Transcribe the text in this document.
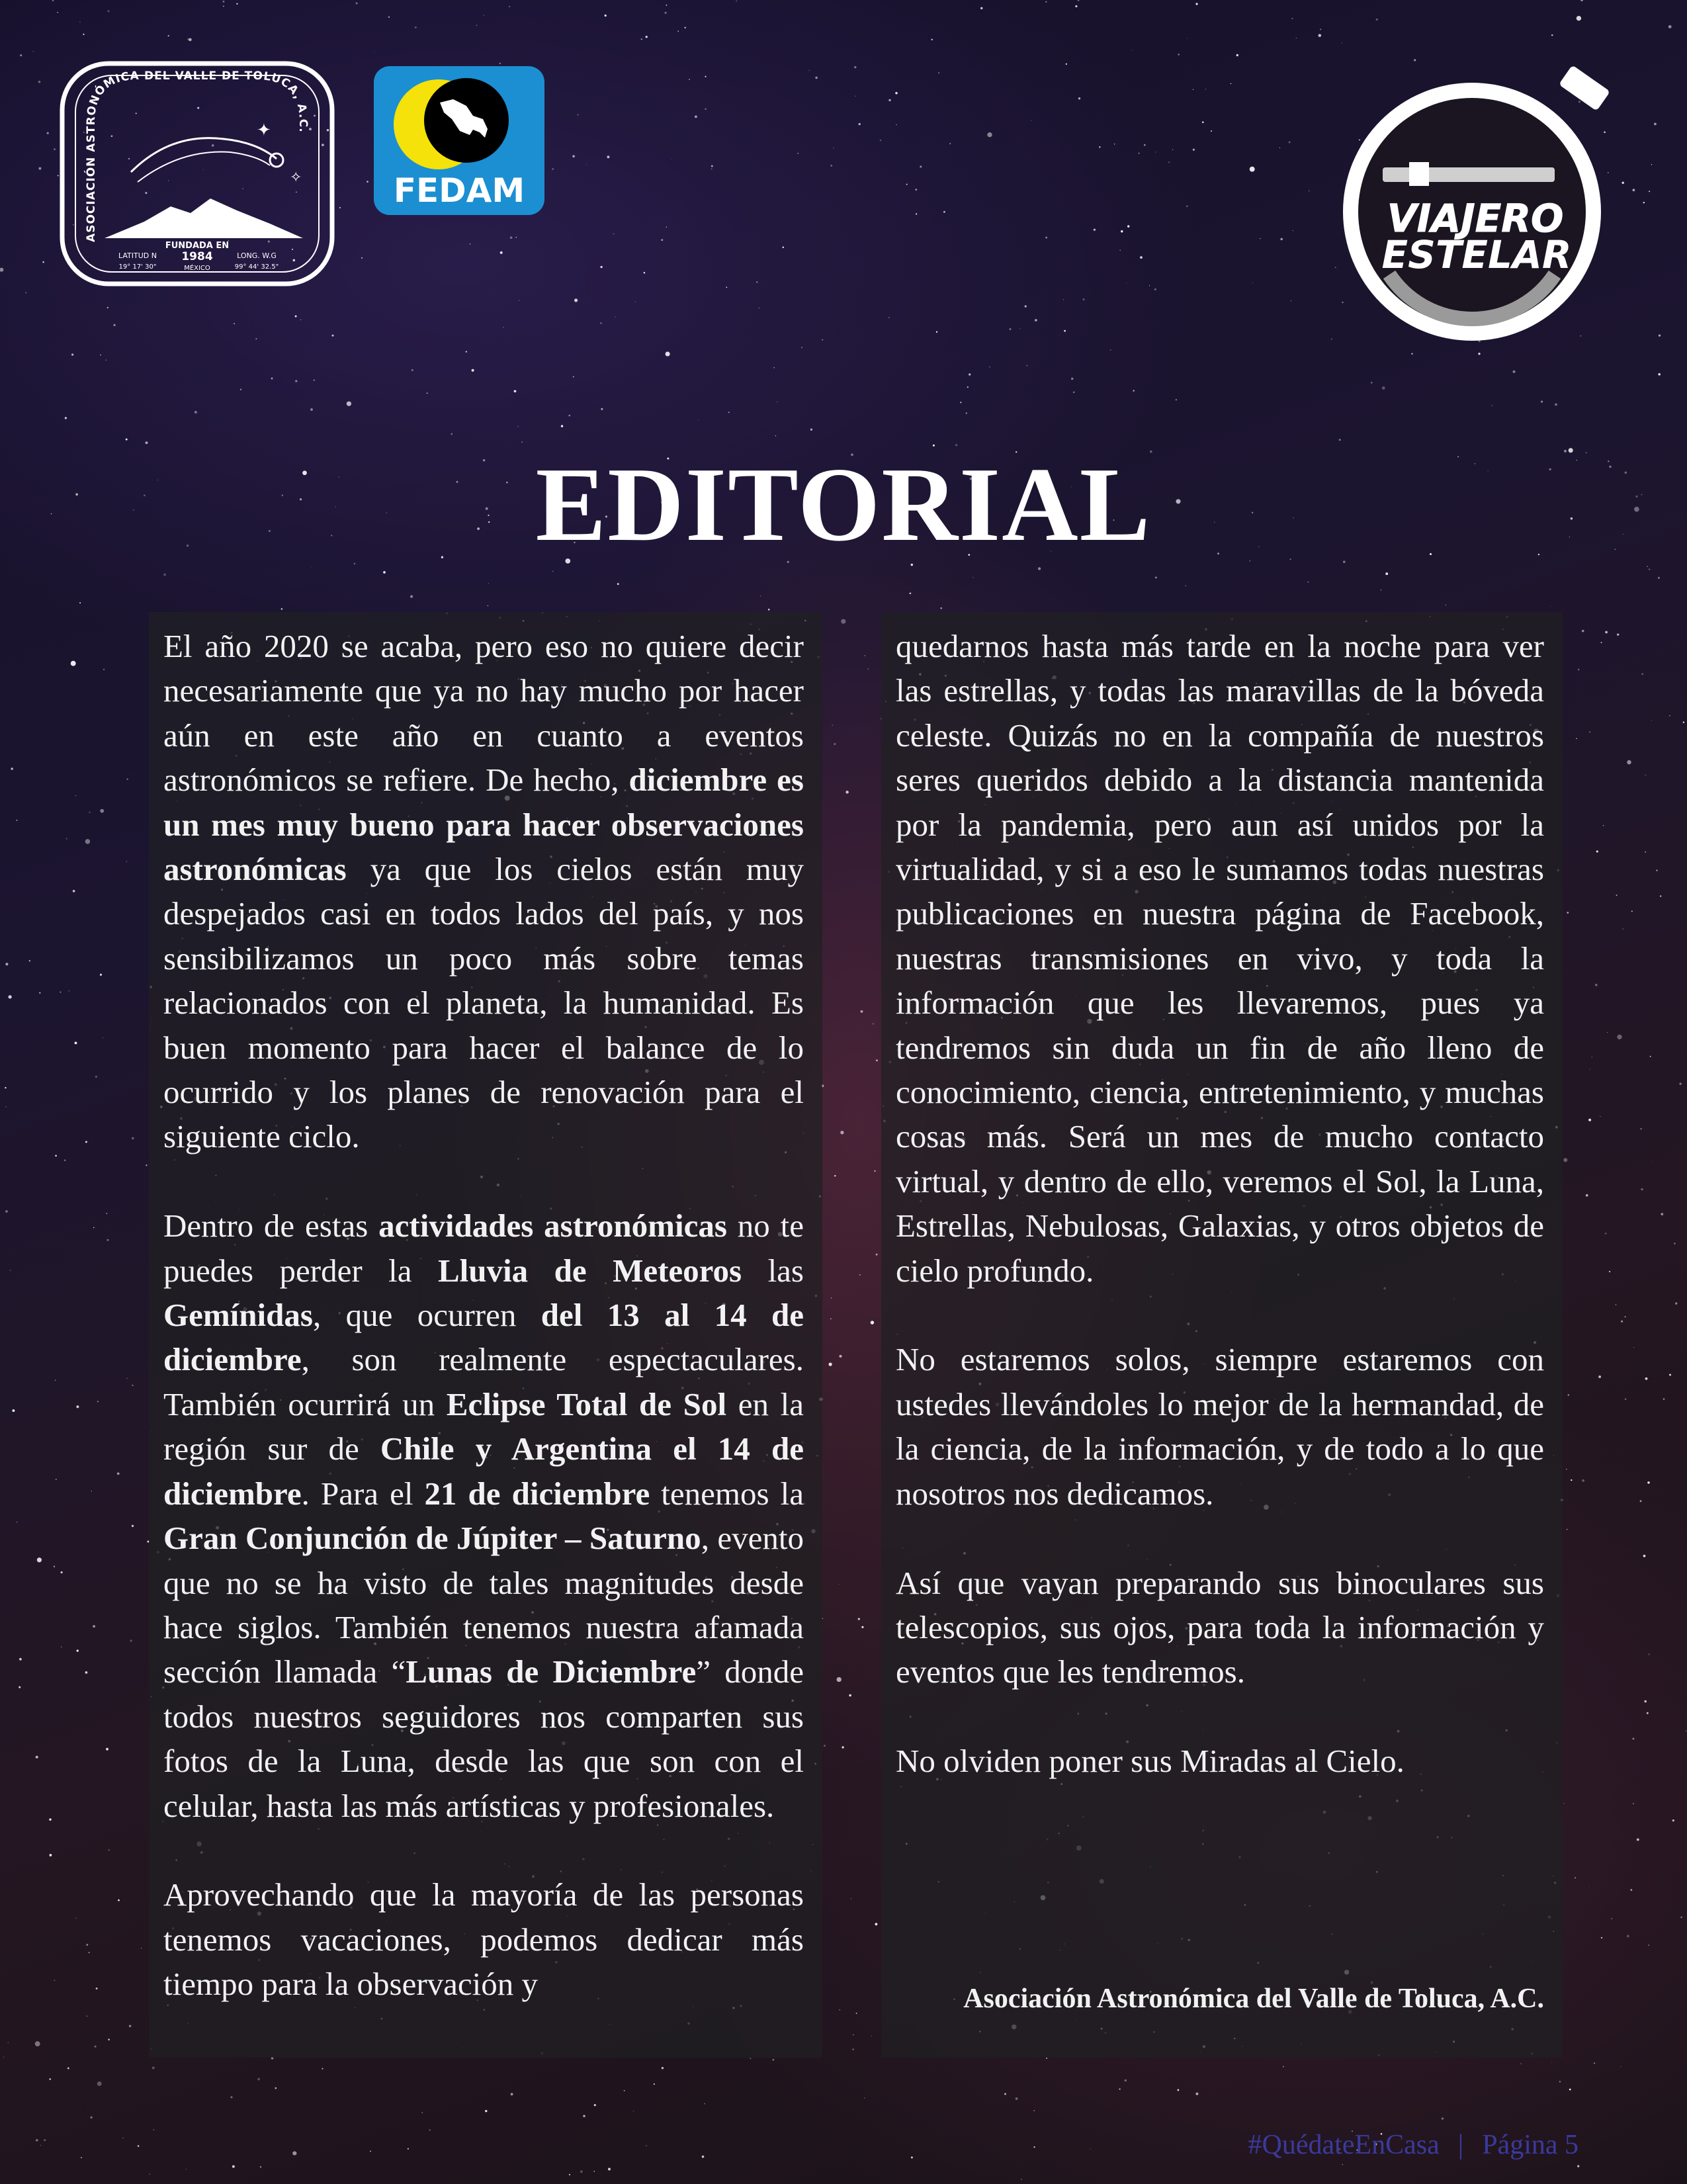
ASOCIACIÓN ASTRONÓMICA DEL VALLE DE TOLUCA, A.C.
✦
✧
FUNDADA EN
1984
MÉXICO
LATITUD N
19° 17' 30"
LONG. W.G
99° 44' 32.5"
FEDAM
VIAJERO
ESTELAR
EDITORIAL

El año 2020 se acaba, pero eso no quiere decir necesariamente que ya no hay mucho por hacer aún en este año en cuanto a eventos astronómicos se refiere. De hecho, diciembre es un mes muy bueno para hacer observaciones astronómicas ya que los cielos están muy despejados casi en todos lados del país, y nos sensibilizamos un poco más sobre temas relacionados con el planeta, la humanidad. Es buen momento para hacer el balance de lo ocurrido y los planes de renovación para el siguiente ciclo.

Dentro de estas actividades astronómicas no te puedes perder la Lluvia de Meteoros las Gemínidas, que ocurren del 13 al 14 de diciembre, son realmente espectaculares. También ocurrirá un Eclipse Total de Sol en la región sur de Chile y Argentina el 14 de diciembre. Para el 21 de diciembre tenemos la Gran Conjunción de Júpiter – Saturno, evento que no se ha visto de tales magnitudes desde hace siglos. También tenemos nuestra afamada sección llamada “Lunas de Diciembre” donde todos nuestros seguidores nos comparten sus fotos de la Luna, desde las que son con el celular, hasta las más artísticas y profesionales.

Aprovechando que la mayoría de las personas tenemos vacaciones, podemos dedicar más tiempo para la observación y

quedarnos hasta más tarde en la noche para ver las estrellas, y todas las maravillas de la bóveda celeste. Quizás no en la compañía de nuestros seres queridos debido a la distancia mantenida por la pandemia, pero aun así unidos por la virtualidad, y si a eso le sumamos todas nuestras publicaciones en nuestra página de Facebook, nuestras transmisiones en vivo, y toda la información que les llevaremos, pues ya tendremos sin duda un fin de año lleno de conocimiento, ciencia, entretenimiento, y muchas cosas más. Será un mes de mucho contacto virtual, y dentro de ello, veremos el Sol, la Luna, Estrellas, Nebulosas, Galaxias, y otros objetos de cielo profundo.

No estaremos solos, siempre estaremos con ustedes llevándoles lo mejor de la hermandad, de la ciencia, de la información, y de todo a lo que nosotros nos dedicamos.

Así que vayan preparando sus binoculares sus telescopios, sus ojos, para toda la información y eventos que les tendremos.

No olviden poner sus Miradas al Cielo.

Asociación Astronómica del Valle de Toluca, A.C.
#QuédateEnCasa | Página 5
